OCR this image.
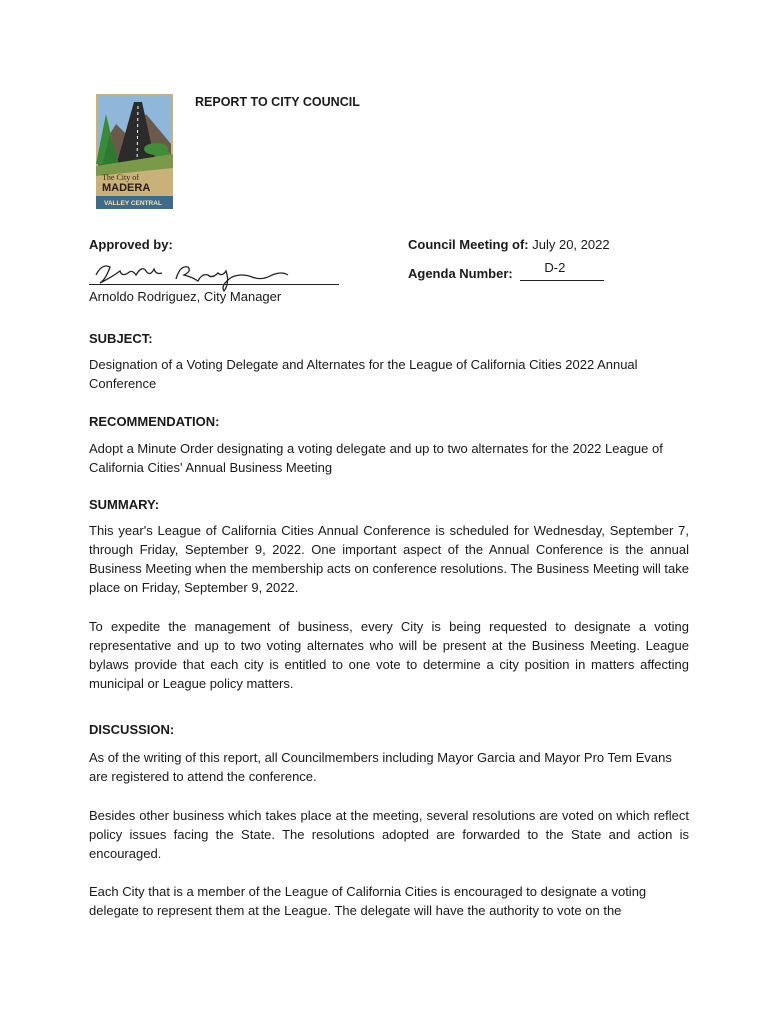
The City of
MADERA
VALLEY CENTRAL
REPORT TO CITY COUNCIL
Approved by:
Arnoldo Rodriguez, City Manager
Council Meeting of: July 20, 2022
Agenda Number: D-2
SUBJECT:
Designation of a Voting Delegate and Alternates for the League of California Cities 2022 Annual Conference
RECOMMENDATION:
Adopt a Minute Order designating a voting delegate and up to two alternates for the 2022 League of California Cities' Annual Business Meeting
SUMMARY:
This year's League of California Cities Annual Conference is scheduled for Wednesday, September 7, through Friday, September 9, 2022. One important aspect of the Annual Conference is the annual Business Meeting when the membership acts on conference resolutions. The Business Meeting will take place on Friday, September 9, 2022.
To expedite the management of business, every City is being requested to designate a voting representative and up to two voting alternates who will be present at the Business Meeting. League bylaws provide that each city is entitled to one vote to determine a city position in matters affecting municipal or League policy matters.
DISCUSSION:
As of the writing of this report, all Councilmembers including Mayor Garcia and Mayor Pro Tem Evans are registered to attend the conference.
Besides other business which takes place at the meeting, several resolutions are voted on which reflect policy issues facing the State. The resolutions adopted are forwarded to the State and action is encouraged.
Each City that is a member of the League of California Cities is encouraged to designate a voting delegate to represent them at the League. The delegate will have the authority to vote on the
